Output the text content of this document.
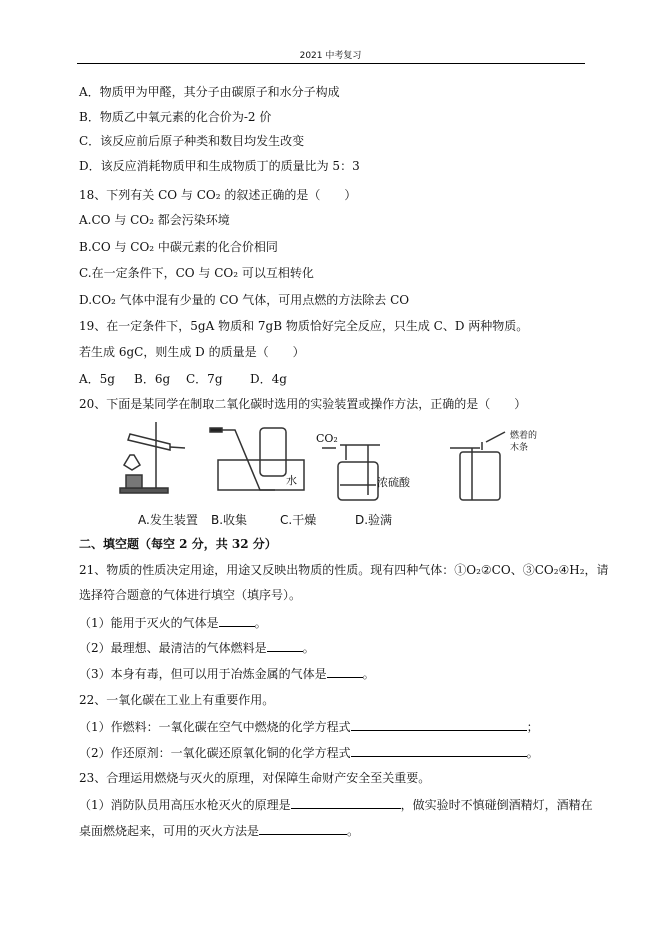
2021 中考复习
A．物质甲为甲醛，其分子由碳原子和水分子构成
B．物质乙中氧元素的化合价为-2 价
C．该反应前后原子种类和数目均发生改变
D．该反应消耗物质甲和生成物质丁的质量比为 5：3
18、下列有关 CO 与 CO₂ 的叙述正确的是（　　）
A.CO 与 CO₂ 都会污染环境
B.CO 与 CO₂ 中碳元素的化合价相同
C.在一定条件下，CO 与 CO₂ 可以互相转化
D.CO₂ 气体中混有少量的 CO 气体，可用点燃的方法除去 CO
19、在一定条件下，5gA 物质和 7gB 物质恰好完全反应，只生成 C、D 两种物质。
若生成 6gC，则生成 D 的质量是（　　）
A．5g B．6g C．7g D．4g
20、下面是某同学在制取二氧化碳时选用的实验装置或操作方法，正确的是（　　）
水	浓硫酸
CO₂	燃着的
木条
A.发生装置 B.收集	C.干燥	D.验满
二、填空题（每空 2 分，共 32 分）
21、物质的性质决定用途，用途又反映出物质的性质。现有四种气体：①O₂②CO、③CO₂④H₂，请
选择符合题意的气体进行填空（填序号）。
（1）能用于灭火的气体是	。
（2）最理想、最清洁的气体燃料是	。
（3）本身有毒，但可以用于冶炼金属的气体是	。
22、一氧化碳在工业上有重要作用。
（1）作燃料：一氧化碳在空气中燃烧的化学方程式	；
（2）作还原剂：一氧化碳还原氧化铜的化学方程式	。
23、合理运用燃烧与灭火的原理，对保障生命财产安全至关重要。
（1）消防队员用高压水枪灭火的原理是	，做实验时不慎碰倒酒精灯，酒精在
桌面燃烧起来，可用的灭火方法是	。
